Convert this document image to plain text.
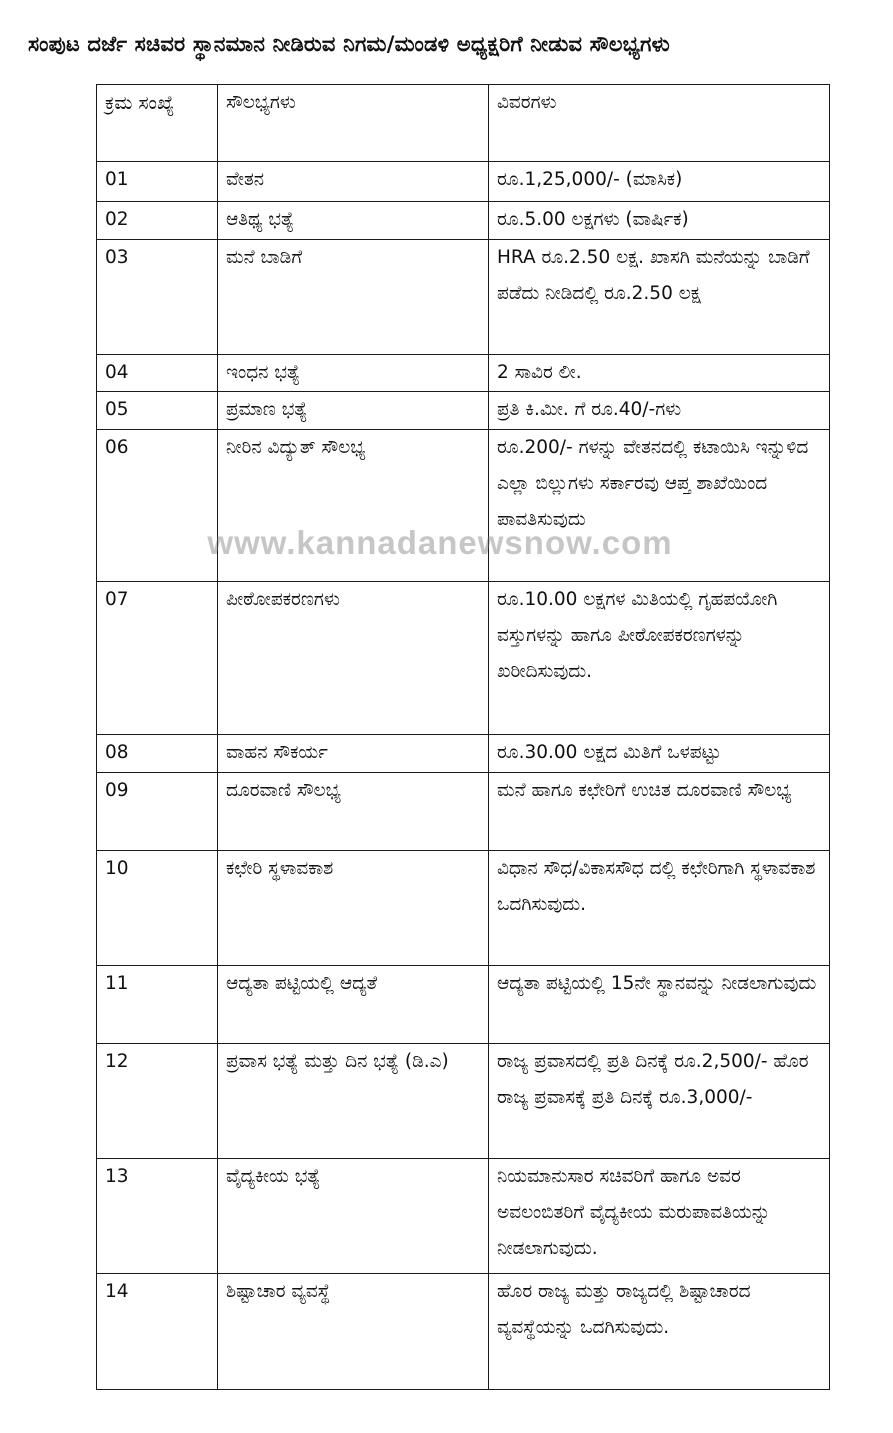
ಸಂಪುಟ ದರ್ಜೆ ಸಚಿವರ ಸ್ಥಾನಮಾನ ನೀಡಿರುವ ನಿಗಮ/ಮಂಡಳಿ ಅಧ್ಯಕ್ಷರಿಗೆ ನೀಡುವ ಸೌಲಭ್ಯಗಳು
ಕ್ರಮ ಸಂಖ್ಯೆ	ಸೌಲಭ್ಯಗಳು	ವಿವರಗಳು
01	ವೇತನ	ರೂ.1,25,000/- (ಮಾಸಿಕ)
02	ಆತಿಥ್ಯ ಭತ್ಯೆ	ರೂ.5.00 ಲಕ್ಷಗಳು (ವಾರ್ಷಿಕ)
03	ಮನೆ ಬಾಡಿಗೆ	HRA ರೂ.2.50 ಲಕ್ಷ. ಖಾಸಗಿ ಮನೆಯನ್ನು ಬಾಡಿಗೆ ಪಡೆದು ನೀಡಿದಲ್ಲಿ ರೂ.2.50 ಲಕ್ಷ
04	ಇಂಧನ ಭತ್ಯೆ	2 ಸಾವಿರ ಲೀ.
05	ಪ್ರಮಾಣ ಭತ್ಯೆ	ಪ್ರತಿ ಕಿ.ಮೀ. ಗೆ ರೂ.40/-ಗಳು
06	ನೀರಿನ ವಿದ್ಯುತ್ ಸೌಲಭ್ಯ	ರೂ.200/- ಗಳನ್ನು ವೇತನದಲ್ಲಿ ಕಟಾಯಿಸಿ ಇನ್ನುಳಿದ ಎಲ್ಲಾ ಬಿಲ್ಲುಗಳು ಸರ್ಕಾರವು ಆಪ್ತ ಶಾಖೆಯಿಂದ ಪಾವತಿಸುವುದು
07	ಪೀಠೋಪಕರಣಗಳು	ರೂ.10.00 ಲಕ್ಷಗಳ ಮಿತಿಯಲ್ಲಿ ಗೃಹಪಯೋಗಿ ವಸ್ತುಗಳನ್ನು ಹಾಗೂ ಪೀಠೋಪಕರಣಗಳನ್ನು ಖರೀದಿಸುವುದು.
08	ವಾಹನ ಸೌಕರ್ಯ	ರೂ.30.00 ಲಕ್ಷದ ಮಿತಿಗೆ ಒಳಪಟ್ಟು
09	ದೂರವಾಣಿ ಸೌಲಭ್ಯ	ಮನೆ ಹಾಗೂ ಕಛೇರಿಗೆ ಉಚಿತ ದೂರವಾಣಿ ಸೌಲಭ್ಯ
10	ಕಛೇರಿ ಸ್ಥಳಾವಕಾಶ	ವಿಧಾನ ಸೌಧ/ವಿಕಾಸಸೌಧ ದಲ್ಲಿ ಕಛೇರಿಗಾಗಿ ಸ್ಥಳಾವಕಾಶ ಒದಗಿಸುವುದು.
11	ಆದ್ಯತಾ ಪಟ್ಟಿಯಲ್ಲಿ ಆದ್ಯತೆ	ಆದ್ಯತಾ ಪಟ್ಟಿಯಲ್ಲಿ 15ನೇ ಸ್ಥಾನವನ್ನು ನೀಡಲಾಗುವುದು
12	ಪ್ರವಾಸ ಭತ್ಯೆ ಮತ್ತು ದಿನ ಭತ್ಯೆ (ಡಿ.ಎ)	ರಾಜ್ಯ ಪ್ರವಾಸದಲ್ಲಿ ಪ್ರತಿ ದಿನಕ್ಕೆ ರೂ.2,500/- ಹೊರ ರಾಜ್ಯ ಪ್ರವಾಸಕ್ಕೆ ಪ್ರತಿ ದಿನಕ್ಕೆ ರೂ.3,000/-
13	ವೈದ್ಯಕೀಯ ಭತ್ಯೆ	ನಿಯಮಾನುಸಾರ ಸಚಿವರಿಗೆ ಹಾಗೂ ಅವರ ಅವಲಂಬಿತರಿಗೆ ವೈದ್ಯಕೀಯ ಮರುಪಾವತಿಯನ್ನು ನೀಡಲಾಗುವುದು.
14	ಶಿಷ್ಟಾಚಾರ ವ್ಯವಸ್ಥೆ	ಹೊರ ರಾಜ್ಯ ಮತ್ತು ರಾಜ್ಯದಲ್ಲಿ ಶಿಷ್ಟಾಚಾರದ ವ್ಯವಸ್ಥೆಯನ್ನು ಒದಗಿಸುವುದು.
www.kannadanewsnow.com
